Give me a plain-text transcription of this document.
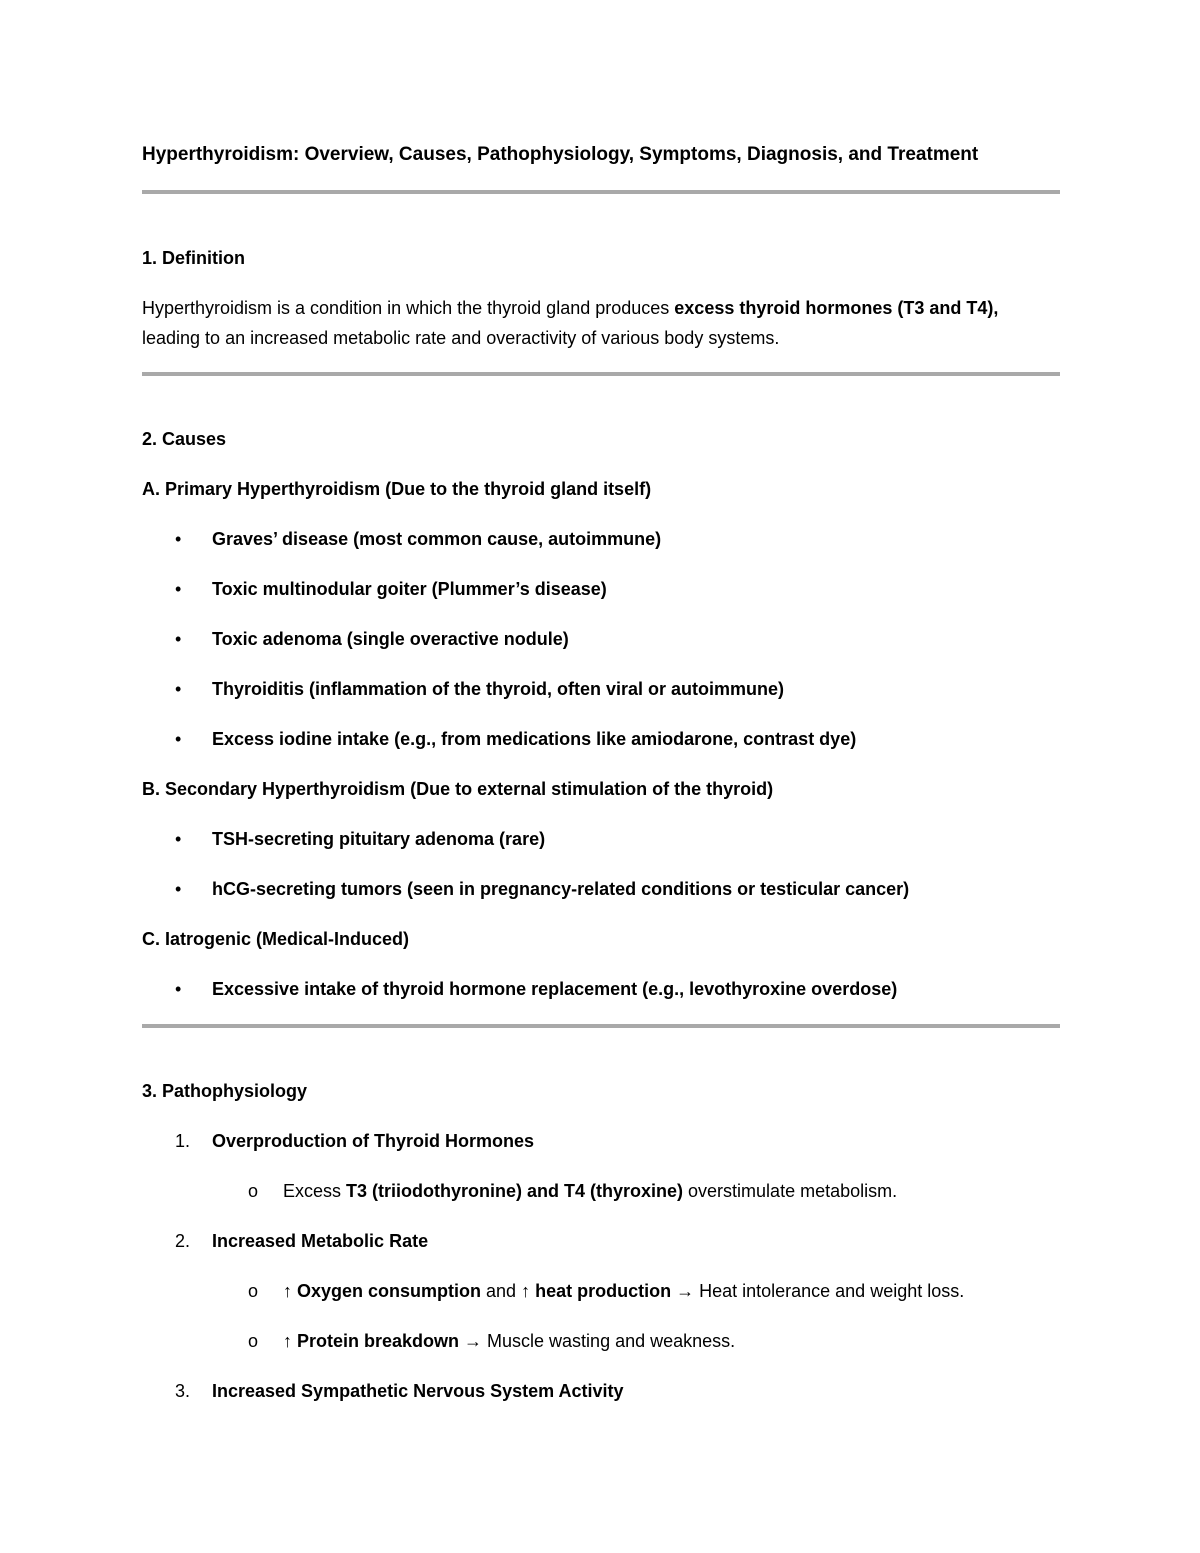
Hyperthyroidism: Overview, Causes, Pathophysiology, Symptoms, Diagnosis, and Treatment

1. Definition

Hyperthyroidism is a condition in which the thyroid gland produces excess thyroid hormones (T3 and T4), leading to an increased metabolic rate and overactivity of various body systems.

2. Causes

A. Primary Hyperthyroidism (Due to the thyroid gland itself)

• Graves’ disease (most common cause, autoimmune)
• Toxic multinodular goiter (Plummer’s disease)
• Toxic adenoma (single overactive nodule)
• Thyroiditis (inflammation of the thyroid, often viral or autoimmune)
• Excess iodine intake (e.g., from medications like amiodarone, contrast dye)

B. Secondary Hyperthyroidism (Due to external stimulation of the thyroid)

• TSH-secreting pituitary adenoma (rare)
• hCG-secreting tumors (seen in pregnancy-related conditions or testicular cancer)

C. Iatrogenic (Medical-Induced)

• Excessive intake of thyroid hormone replacement (e.g., levothyroxine overdose)

3. Pathophysiology

1. Overproduction of Thyroid Hormones
o Excess T3 (triiodothyronine) and T4 (thyroxine) overstimulate metabolism.
2. Increased Metabolic Rate
o ↑ Oxygen consumption and ↑ heat production → Heat intolerance and weight loss.
o ↑ Protein breakdown → Muscle wasting and weakness.
3. Increased Sympathetic Nervous System Activity
